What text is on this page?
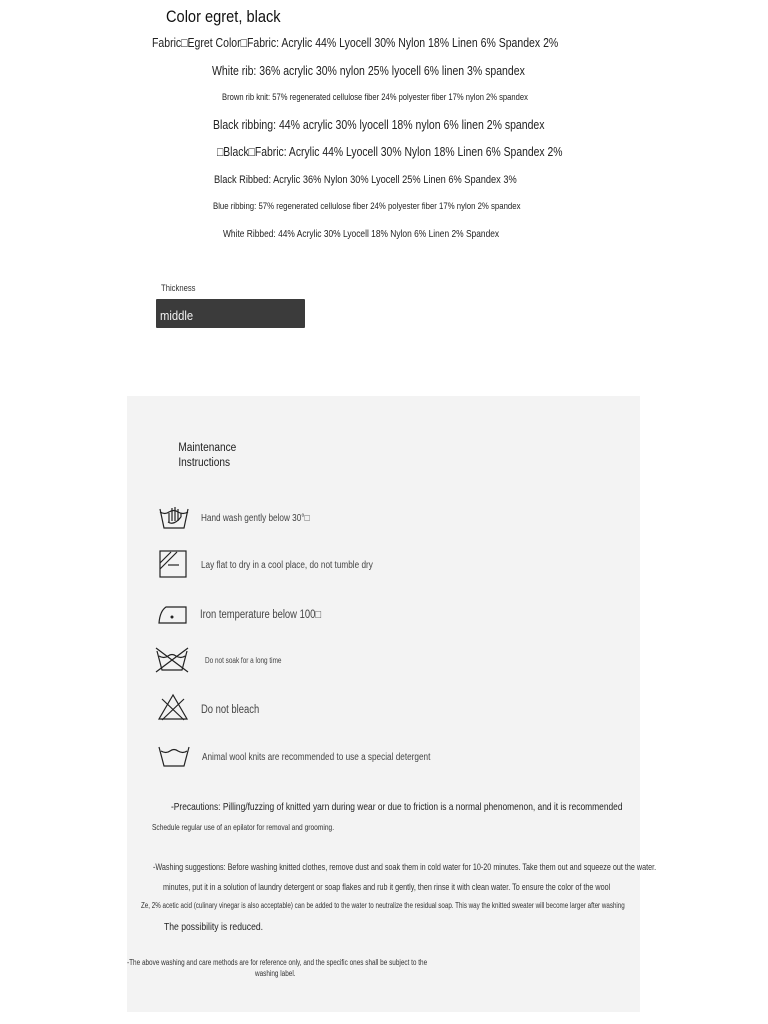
Color egret, black
Fabric□Egret Color□Fabric: Acrylic 44% Lyocell 30% Nylon 18% Linen 6% Spandex 2%
White rib: 36% acrylic 30% nylon 25% lyocell 6% linen 3% spandex
Brown rib knit: 57% regenerated cellulose fiber 24% polyester fiber 17% nylon 2% spandex
Black ribbing: 44% acrylic 30% lyocell 18% nylon 6% linen 2% spandex
□Black□Fabric: Acrylic 44% Lyocell 30% Nylon 18% Linen 6% Spandex 2%
Black Ribbed: Acrylic 36% Nylon 30% Lyocell 25% Linen 6% Spandex 3%
Blue ribbing: 57% regenerated cellulose fiber 24% polyester fiber 17% nylon 2% spandex
White Ribbed: 44% Acrylic 30% Lyocell 18% Nylon 6% Linen 2% Spandex
Thickness
middle
Maintenance
Instructions
Hand wash gently below 30°□
Lay flat to dry in a cool place, do not tumble dry
Iron temperature below 100□
Do not soak for a long time
Do not bleach
Animal wool knits are recommended to use a special detergent
-Precautions: Pilling/fuzzing of knitted yarn during wear or due to friction is a normal phenomenon, and it is recommended
Schedule regular use of an epilator for removal and grooming.
-Washing suggestions: Before washing knitted clothes, remove dust and soak them in cold water for 10-20 minutes. Take them out and squeeze out the water.
minutes, put it in a solution of laundry detergent or soap flakes and rub it gently, then rinse it with clean water. To ensure the color of the wool
Ze, 2% acetic acid (culinary vinegar is also acceptable) can be added to the water to neutralize the residual soap. This way the knitted sweater will become larger after washing
The possibility is reduced.
-The above washing and care methods are for reference only, and the specific ones shall be subject to the
washing label.
